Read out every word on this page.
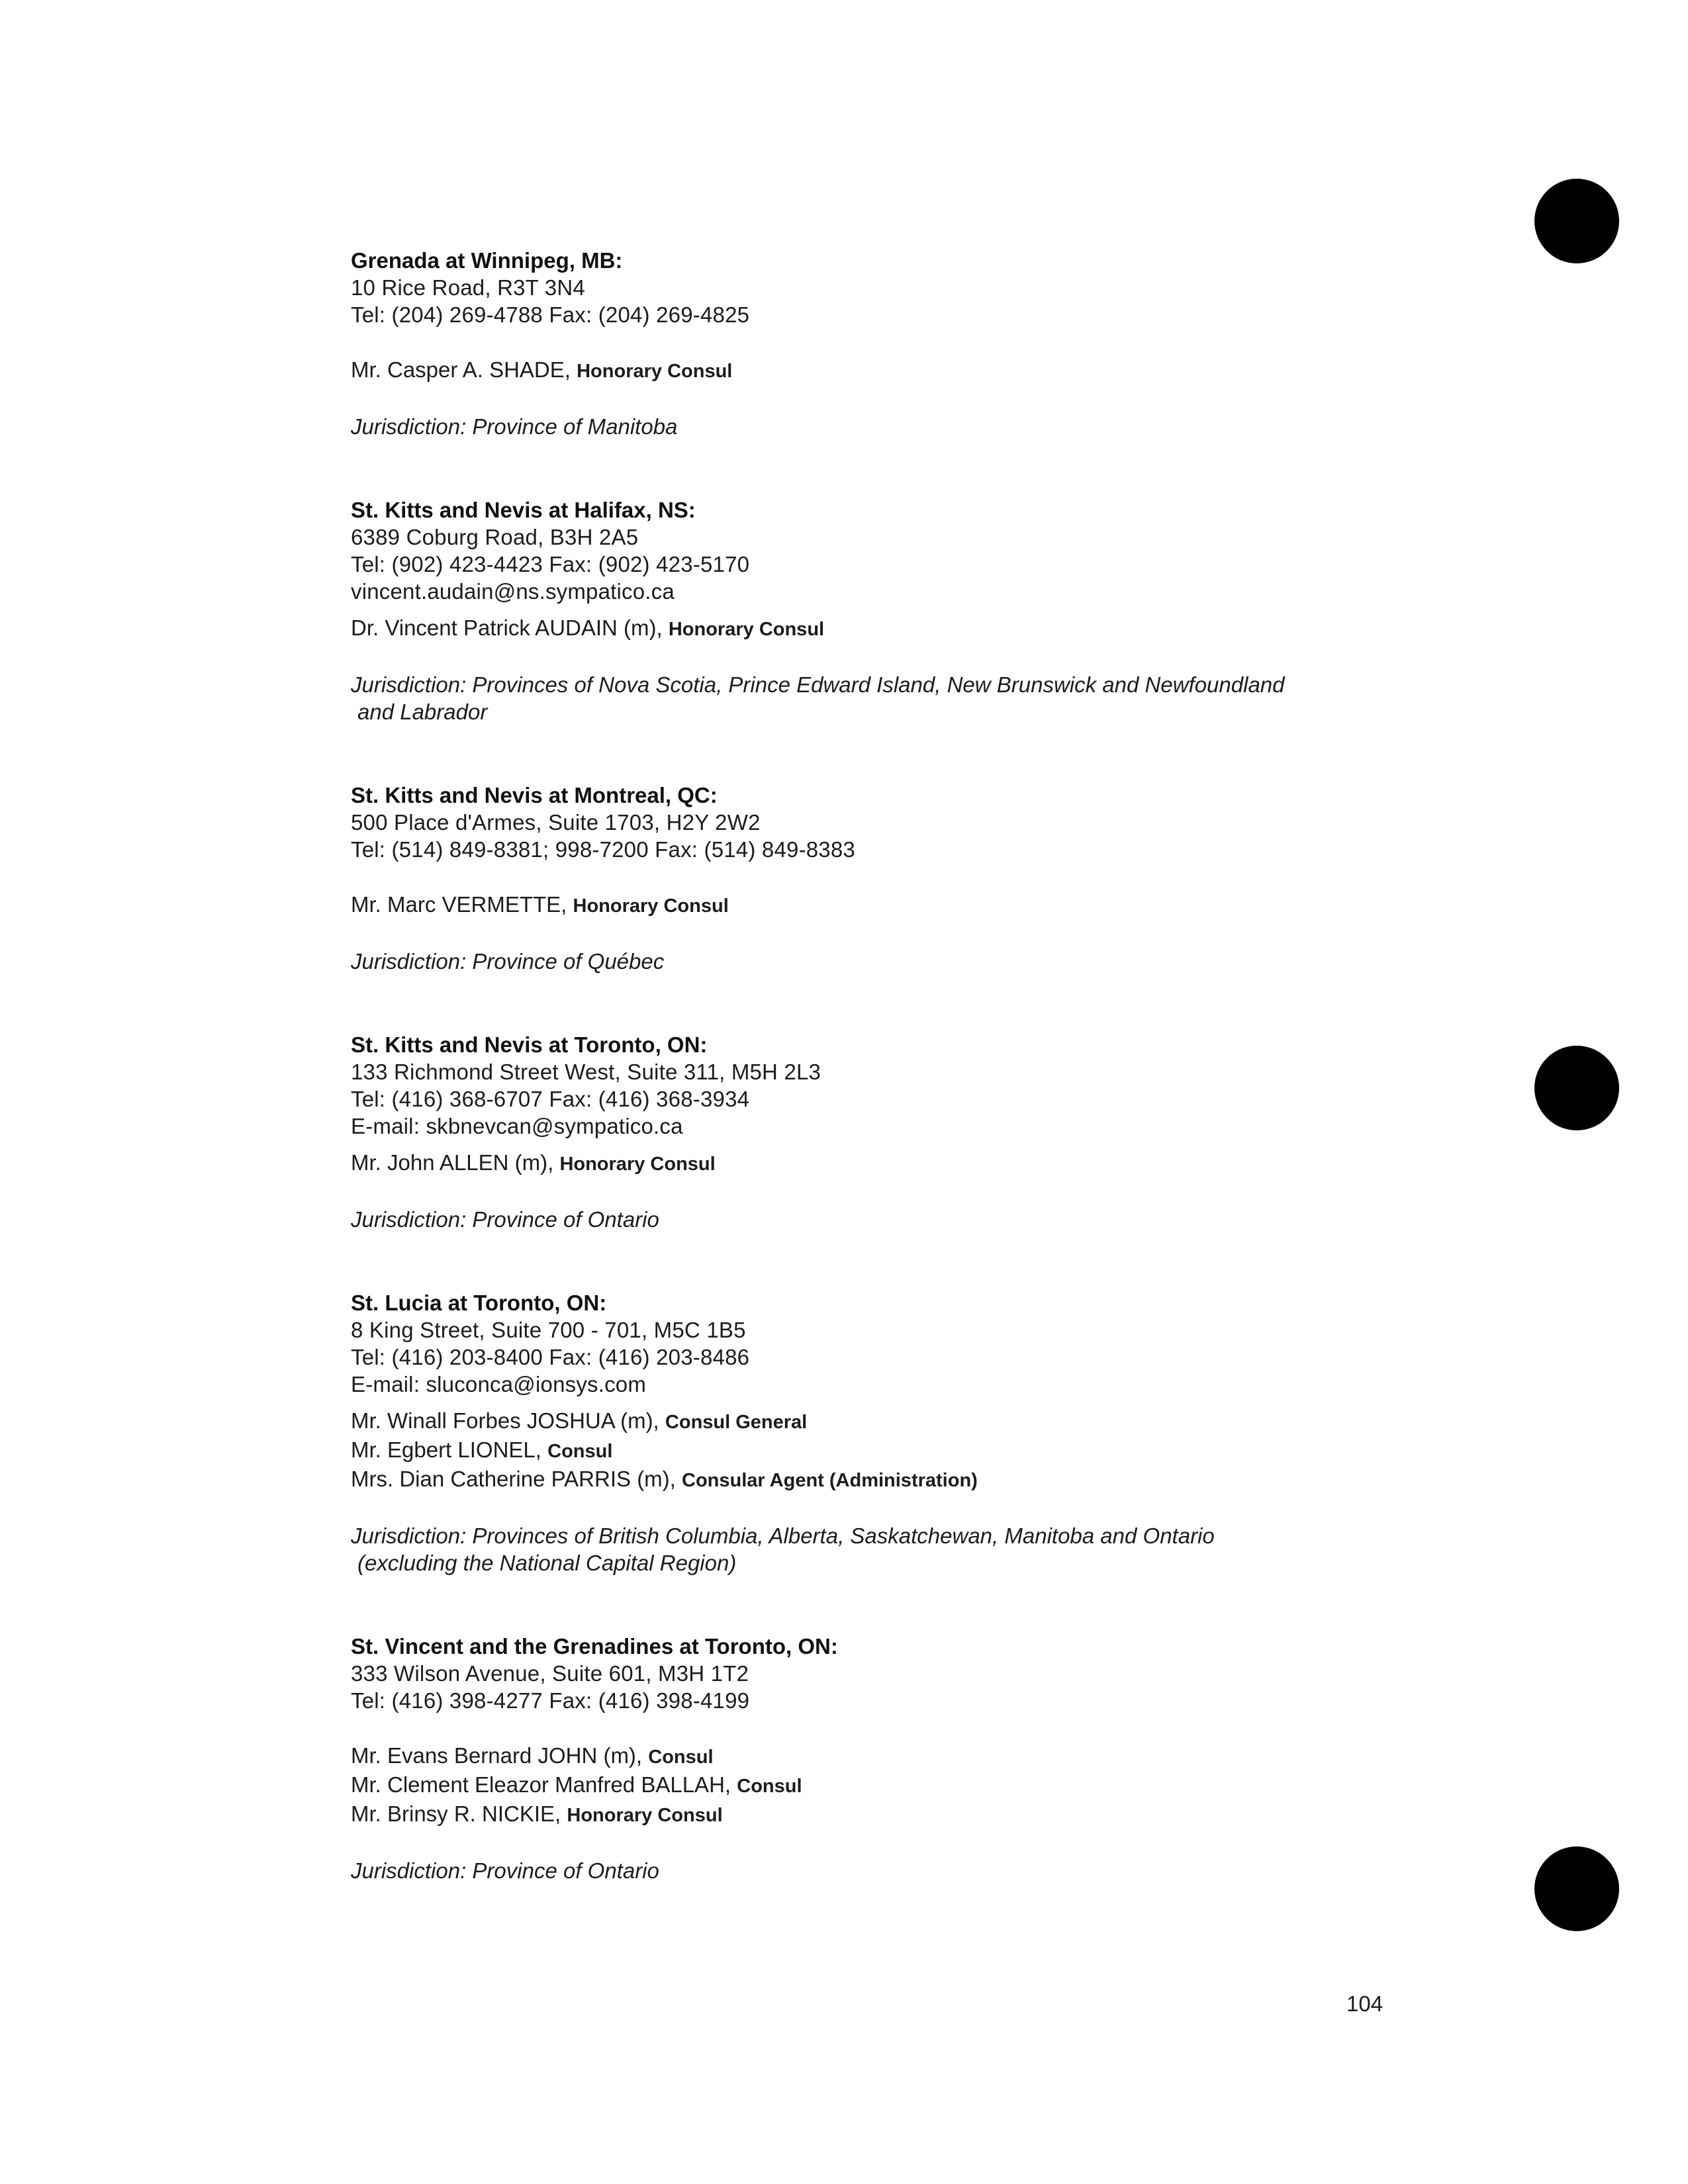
Grenada at Winnipeg, MB:
10 Rice Road, R3T 3N4
Tel: (204) 269-4788 Fax: (204) 269-4825
Mr. Casper A. SHADE, Honorary Consul
Jurisdiction: Province of Manitoba
St. Kitts and Nevis at Halifax, NS:
6389 Coburg Road, B3H 2A5
Tel: (902) 423-4423 Fax: (902) 423-5170
vincent.audain@ns.sympatico.ca
Dr. Vincent Patrick AUDAIN (m), Honorary Consul
Jurisdiction: Provinces of Nova Scotia, Prince Edward Island, New Brunswick and Newfoundland
and Labrador
St. Kitts and Nevis at Montreal, QC:
500 Place d'Armes, Suite 1703, H2Y 2W2
Tel: (514) 849-8381; 998-7200 Fax: (514) 849-8383
Mr. Marc VERMETTE, Honorary Consul
Jurisdiction: Province of Québec
St. Kitts and Nevis at Toronto, ON:
133 Richmond Street West, Suite 311, M5H 2L3
Tel: (416) 368-6707 Fax: (416) 368-3934
E-mail: skbnevcan@sympatico.ca
Mr. John ALLEN (m), Honorary Consul
Jurisdiction: Province of Ontario
St. Lucia at Toronto, ON:
8 King Street, Suite 700 - 701, M5C 1B5
Tel: (416) 203-8400 Fax: (416) 203-8486
E-mail: sluconca@ionsys.com
Mr. Winall Forbes JOSHUA (m), Consul General
Mr. Egbert LIONEL, Consul
Mrs. Dian Catherine PARRIS (m), Consular Agent (Administration)
Jurisdiction: Provinces of British Columbia, Alberta, Saskatchewan, Manitoba and Ontario
(excluding the National Capital Region)
St. Vincent and the Grenadines at Toronto, ON:
333 Wilson Avenue, Suite 601, M3H 1T2
Tel: (416) 398-4277 Fax: (416) 398-4199
Mr. Evans Bernard JOHN (m), Consul
Mr. Clement Eleazor Manfred BALLAH, Consul
Mr. Brinsy R. NICKIE, Honorary Consul
Jurisdiction: Province of Ontario
104
